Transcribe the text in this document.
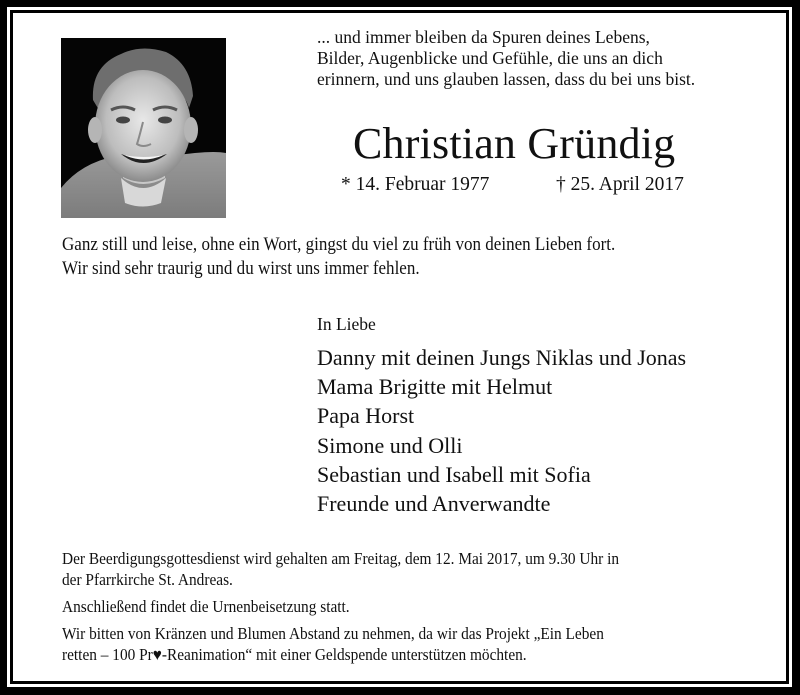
... und immer bleiben da Spuren deines Lebens,
Bilder, Augenblicke und Gefühle, die uns an dich
erinnern, und uns glauben lassen, dass du bei uns bist.
Christian Gründig
* 14. Februar 1977	† 25. April 2017
Ganz still und leise, ohne ein Wort, gingst du viel zu früh von deinen Lieben fort.
Wir sind sehr traurig und du wirst uns immer fehlen.
In Liebe
Danny mit deinen Jungs Niklas und Jonas
Mama Brigitte mit Helmut
Papa Horst
Simone und Olli
Sebastian und Isabell mit Sofia
Freunde und Anverwandte

Der Beerdigungsgottesdienst wird gehalten am Freitag, dem 12. Mai 2017, um 9.30 Uhr in
der Pfarrkirche St. Andreas.

Anschließend findet die Urnenbeisetzung statt.

Wir bitten von Kränzen und Blumen Abstand zu nehmen, da wir das Projekt „Ein Leben
retten – 100 Pr♥-Reanimation“ mit einer Geldspende unterstützen möchten.
